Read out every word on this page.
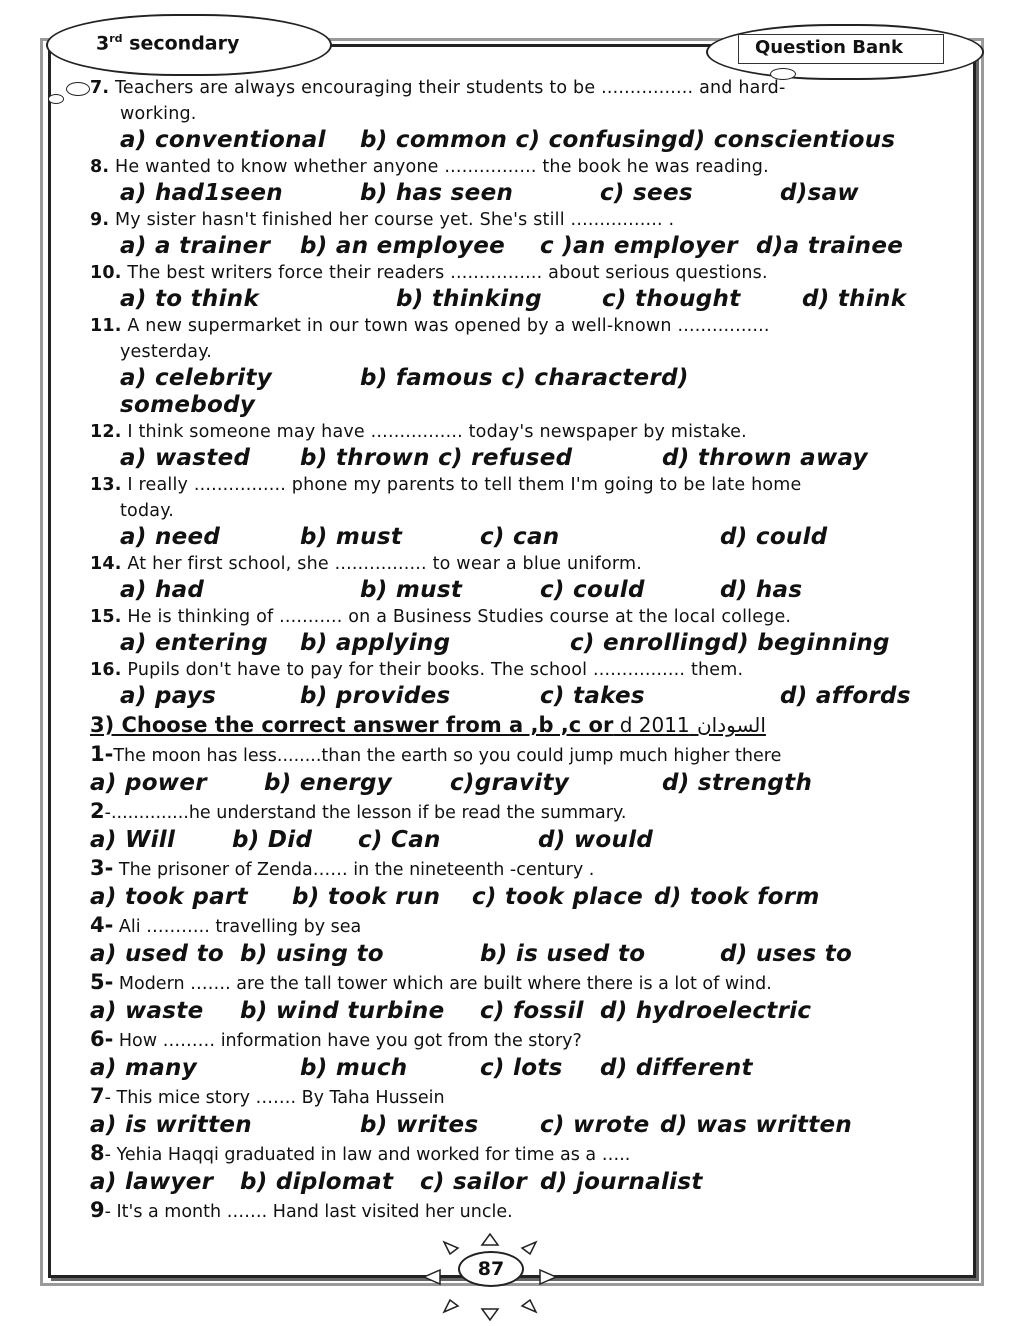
3rd secondary	Question Bank
7. Teachers are always encouraging their students to be ................ and hard-
working.
a) conventional	b) common c) confusing d) conscientious
8. He wanted to know whether anyone ................ the book he was reading.
a) had1seen	b) has seen	c) sees	d)saw
9. My sister hasn't finished her course yet. She's still ................ .
a) a trainer	b) an employee	c )an employer d)a trainee
10. The best writers force their readers ................ about serious questions.
a) to think	b) thinking	c) thought	d) think
11. A new supermarket in our town was opened by a well-known ................
yesterday.
a) celebrity	b) famous c) character d)
somebody
12. I think someone may have ................ today's newspaper by mistake.
a) wasted	b) thrown c) refused	d) thrown away
13. I really ................ phone my parents to tell them I'm going to be late home
today.
a) need	b) must	c) can	d) could
14. At her first school, she ................ to wear a blue uniform.
a) had	b) must	c) could	d) has
15. He is thinking of ........... on a Business Studies course at the local college.
a) entering	b) applying	c) enrollingd) beginning
16. Pupils don't have to pay for their books. The school ................ them.
a) pays	b) provides	c) takes	d) affords
3) Choose the correct answer from a ,b ,c or d 2011 السودان
1-The moon has less........than the earth so you could jump much higher there
a) power	b) energy	c)gravity	d) strength
2-..............he understand the lesson if be read the summary.
a) Will	b) Did	c) Can	d) would
3- The prisoner of Zenda…… in the nineteenth -century .
a) took part	b) took run	c) took place d) took form
4- Ali ……….. travelling by sea
a) used to b) using to	b) is used to	d) uses to
5- Modern ……. are the tall tower which are built where there is a lot of wind.
a) waste	b) wind turbine	c) fossil d) hydroelectric
6- How ……… information have you got from the story?
a) many	b) much	c) lots	d) different
7- This mice story ……. By Taha Hussein
a) is written	b) writes	c) wrote d) was written
8- Yehia Haqqi graduated in law and worked for time as a …..
a) lawyer	b) diplomat	c) sailor d) journalist
9- It's a month ……. Hand last visited her uncle.
87
